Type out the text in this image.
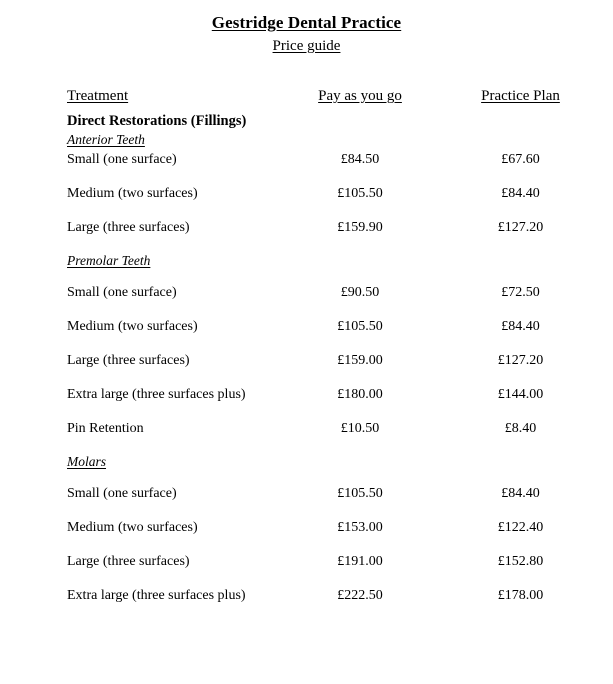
Gestridge Dental Practice
Price guide
Treatment	Pay as you go	Practice Plan
Direct Restorations (Fillings)		
Anterior Teeth		
Small (one surface)	£84.50	£67.60
Medium (two surfaces)	£105.50	£84.40
Large (three surfaces)	£159.90	£127.20
Premolar Teeth		
Small (one surface)	£90.50	£72.50
Medium (two surfaces)	£105.50	£84.40
Large (three surfaces)	£159.00	£127.20
Extra large (three surfaces plus)	£180.00	£144.00
Pin Retention	£10.50	£8.40
Molars		
Small (one surface)	£105.50	£84.40
Medium (two surfaces)	£153.00	£122.40
Large (three surfaces)	£191.00	£152.80
Extra large (three surfaces plus)	£222.50	£178.00
